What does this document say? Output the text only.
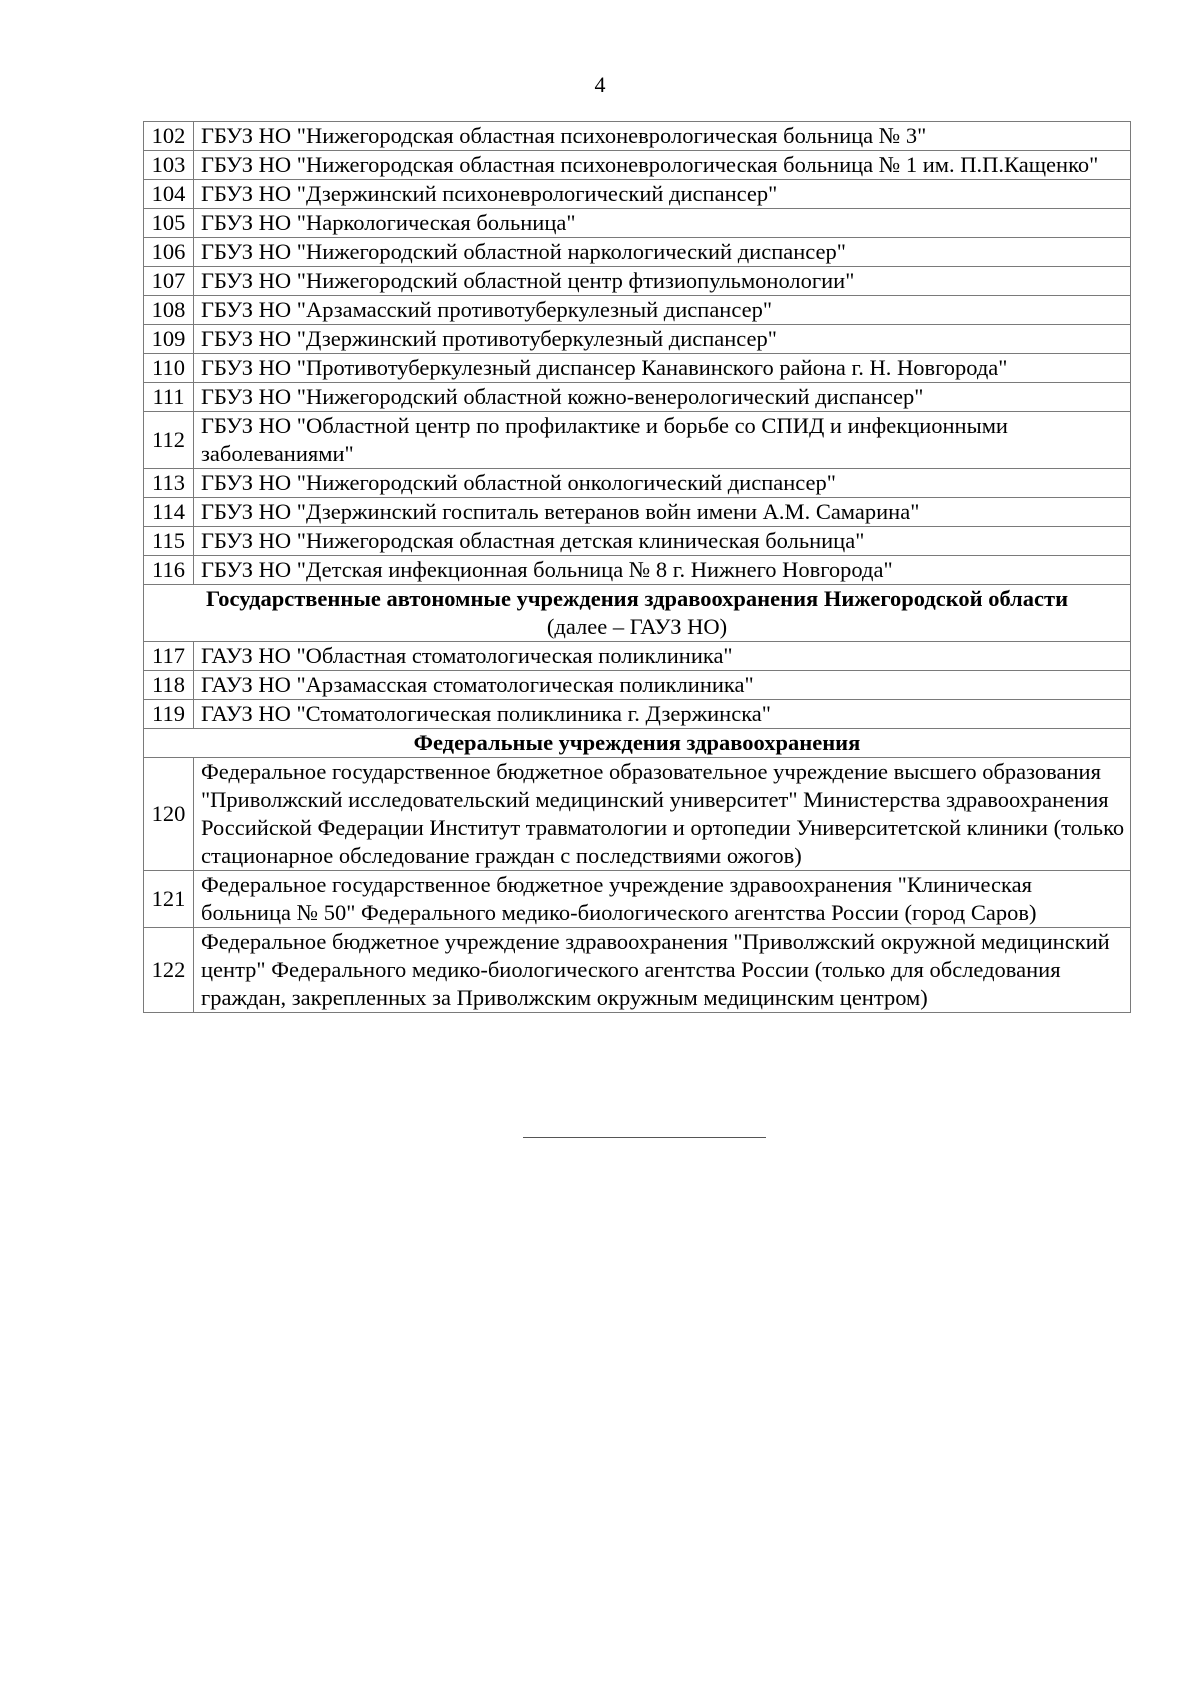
4
102	ГБУЗ НО "Нижегородская областная психоневрологическая больница № 3"
103	ГБУЗ НО "Нижегородская областная психоневрологическая больница № 1 им. П.П.Кащенко"
104	ГБУЗ НО "Дзержинский психоневрологический диспансер"
105	ГБУЗ НО "Наркологическая больница"
106	ГБУЗ НО "Нижегородский областной наркологический диспансер"
107	ГБУЗ НО "Нижегородский областной центр фтизиопульмонологии"
108	ГБУЗ НО "Арзамасский противотуберкулезный диспансер"
109	ГБУЗ НО "Дзержинский противотуберкулезный диспансер"
110	ГБУЗ НО "Противотуберкулезный диспансер Канавинского района г. Н. Новгорода"
111	ГБУЗ НО "Нижегородский областной кожно-венерологический диспансер"
112	ГБУЗ НО "Областной центр по профилактике и борьбе со СПИД и инфекционными заболеваниями"
113	ГБУЗ НО "Нижегородский областной онкологический диспансер"
114	ГБУЗ НО "Дзержинский госпиталь ветеранов войн имени А.М. Самарина"
115	ГБУЗ НО "Нижегородская областная детская клиническая больница"
116	ГБУЗ НО "Детская инфекционная больница № 8 г. Нижнего Новгорода"

Государственные автономные учреждения здравоохранения Нижегородской области
(далее – ГАУЗ НО)	

117	ГАУЗ НО "Областная стоматологическая поликлиника"
118	ГАУЗ НО "Арзамасская стоматологическая поликлиника"
119	ГАУЗ НО "Стоматологическая поликлиника г. Дзержинска"

Федеральные учреждения здравоохранения	

120	Федеральное государственное бюджетное образовательное учреждение высшего образования "Приволжский исследовательский медицинский университет" Министерства здравоохранения Российской Федерации Институт травматологии и ортопедии Университетской клиники (только стационарное обследование граждан с последствиями ожогов)
121	Федеральное государственное бюджетное учреждение здравоохранения "Клиническая больница № 50" Федерального медико-биологического агентства России (город Саров)
122	Федеральное бюджетное учреждение здравоохранения "Приволжский окружной медицинский центр" Федерального медико-биологического агентства России (только для обследования граждан, закрепленных за Приволжским окружным медицинским центром)
